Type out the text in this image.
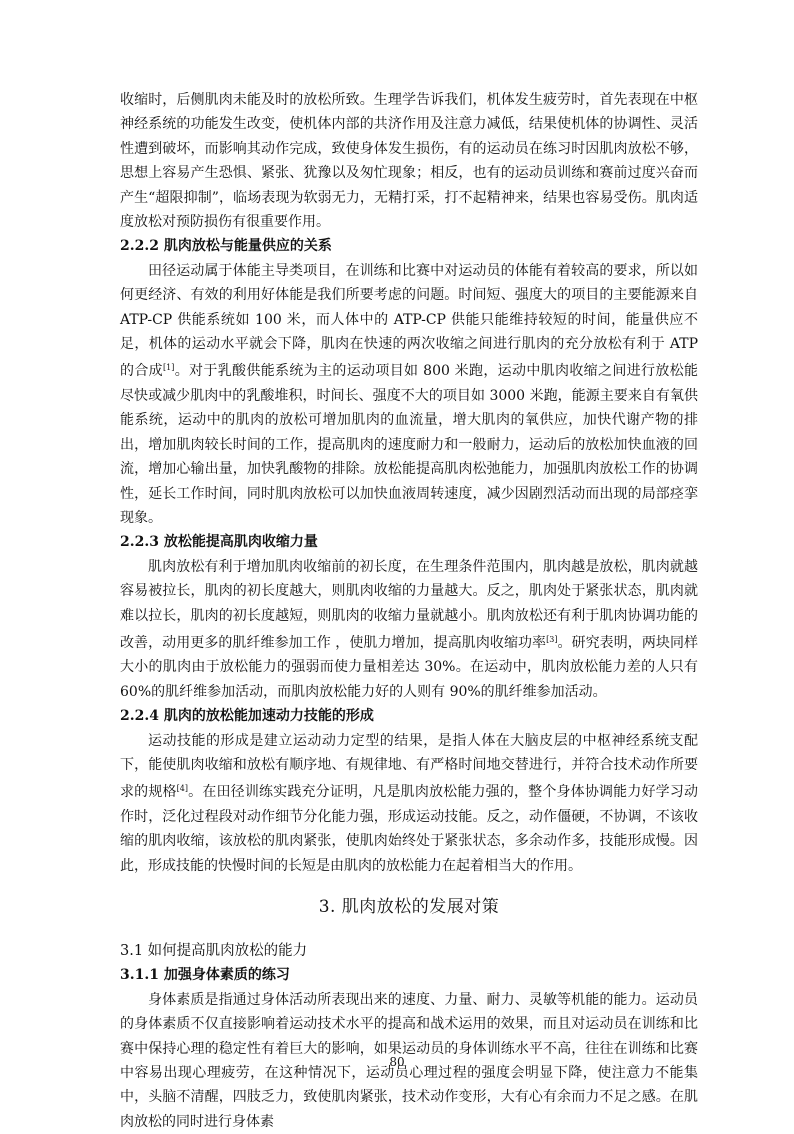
收缩时，后侧肌肉未能及时的放松所致。生理学告诉我们，机体发生疲劳时，首先表现在中枢神经系统的功能发生改变，使机体内部的共济作用及注意力减低，结果使机体的协调性、灵活性遭到破坏，而影响其动作完成，致使身体发生损伤，有的运动员在练习时因肌肉放松不够，思想上容易产生恐惧、紧张、犹豫以及匆忙现象；相反，也有的运动员训练和赛前过度兴奋而产生“超限抑制”，临场表现为软弱无力，无精打采，打不起精神来，结果也容易受伤。肌肉适度放松对预防损伤有很重要作用。

2.2.2 肌肉放松与能量供应的关系

田径运动属于体能主导类项目，在训练和比赛中对运动员的体能有着较高的要求，所以如何更经济、有效的利用好体能是我们所要考虑的问题。时间短、强度大的项目的主要能源来自 ATP-CP 供能系统如 100 米，而人体中的 ATP-CP 供能只能维持较短的时间，能量供应不足，机体的运动水平就会下降，肌肉在快速的两次收缩之间进行肌肉的充分放松有利于 ATP 的合成[1]。对于乳酸供能系统为主的运动项目如 800 米跑，运动中肌肉收缩之间进行放松能尽快或减少肌肉中的乳酸堆积，时间长、强度不大的项目如 3000 米跑，能源主要来自有氧供能系统，运动中的肌肉的放松可增加肌肉的血流量，增大肌肉的氧供应，加快代谢产物的排出，增加肌肉较长时间的工作，提高肌肉的速度耐力和一般耐力，运动后的放松加快血液的回流，增加心输出量，加快乳酸物的排除。放松能提高肌肉松弛能力，加强肌肉放松工作的协调性，延长工作时间，同时肌肉放松可以加快血液周转速度，减少因剧烈活动而出现的局部痉挛现象。

2.2.3 放松能提高肌肉收缩力量

肌肉放松有利于增加肌肉收缩前的初长度，在生理条件范围内，肌肉越是放松，肌肉就越容易被拉长，肌肉的初长度越大，则肌肉收缩的力量越大。反之，肌肉处于紧张状态，肌肉就难以拉长，肌肉的初长度越短，则肌肉的收缩力量就越小。肌肉放松还有利于肌肉协调功能的改善，动用更多的肌纤维参加工作 ，使肌力增加，提高肌肉收缩功率[3]。研究表明，两块同样大小的肌肉由于放松能力的强弱而使力量相差达 30%。在运动中，肌肉放松能力差的人只有 60%的肌纤维参加活动，而肌肉放松能力好的人则有 90%的肌纤维参加活动。

2.2.4 肌肉的放松能加速动力技能的形成

运动技能的形成是建立运动动力定型的结果，是指人体在大脑皮层的中枢神经系统支配下，能使肌肉收缩和放松有顺序地、有规律地、有严格时间地交替进行，并符合技术动作所要求的规格[4]。在田径训练实践充分证明，凡是肌肉放松能力强的，整个身体协调能力好学习动作时，泛化过程段对动作细节分化能力强，形成运动技能。反之，动作僵硬，不协调，不该收缩的肌肉收缩，该放松的肌肉紧张，使肌肉始终处于紧张状态，多余动作多，技能形成慢。因此，形成技能的快慢时间的长短是由肌肉的放松能力在起着相当大的作用。

3. 肌肉放松的发展对策

3.1 如何提高肌肉放松的能力

3.1.1 加强身体素质的练习

身体素质是指通过身体活动所表现出来的速度、力量、耐力、灵敏等机能的能力。运动员的身体素质不仅直接影响着运动技术水平的提高和战术运用的效果，而且对运动员在训练和比赛中保持心理的稳定性有着巨大的影响，如果运动员的身体训练水平不高，往往在训练和比赛中容易出现心理疲劳，在这种情况下，运动员心理过程的强度会明显下降，使注意力不能集中，头脑不清醒，四肢乏力，致使肌肉紧张，技术动作变形，大有心有余而力不足之感。在肌肉放松的同时进行身体素

80
